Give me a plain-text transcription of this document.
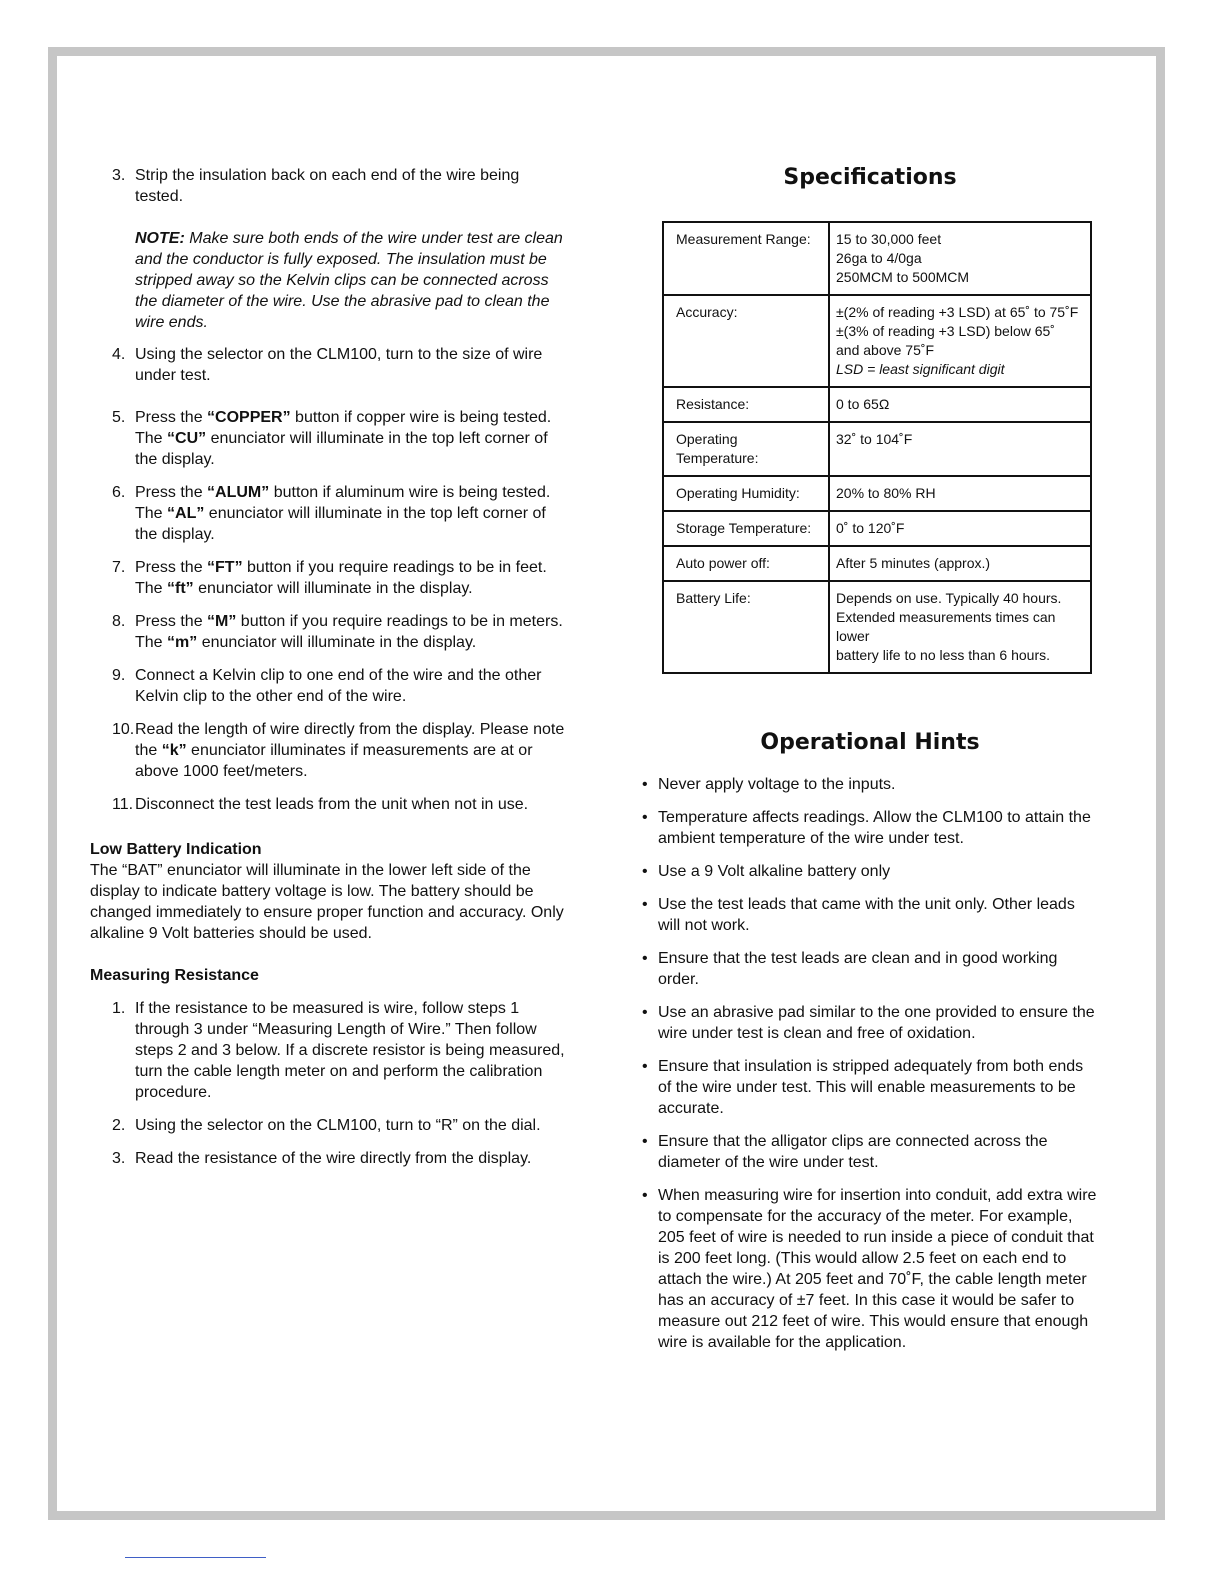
3. Strip the insulation back on each end of the wire being tested.
NOTE: Make sure both ends of the wire under test are clean and the conductor is fully exposed. The insulation must be stripped away so the Kelvin clips can be connected across the diameter of the wire. Use the abrasive pad to clean the wire ends.
4. Using the selector on the CLM100, turn to the size of wire under test.
5. Press the “COPPER” button if copper wire is being tested. The “CU” enunciator will illuminate in the top left corner of the display.
6. Press the “ALUM” button if aluminum wire is being tested. The “AL” enunciator will illuminate in the top left corner of the display.
7. Press the “FT” button if you require readings to be in feet. The “ft” enunciator will illuminate in the display.
8. Press the “M” button if you require readings to be in meters. The “m” enunciator will illuminate in the display.
9. Connect a Kelvin clip to one end of the wire and the other Kelvin clip to the other end of the wire.
10. Read the length of wire directly from the display. Please note the “k” enunciator illuminates if measurements are at or above 1000 feet/meters.
11. Disconnect the test leads from the unit when not in use.
Low Battery Indication
The “BAT” enunciator will illuminate in the lower left side of the display to indicate battery voltage is low. The battery should be changed immediately to ensure proper function and accuracy. Only alkaline 9 Volt batteries should be used.
Measuring Resistance
1. If the resistance to be measured is wire, follow steps 1 through 3 under “Measuring Length of Wire.” Then follow steps 2 and 3 below. If a discrete resistor is being measured, turn the cable length meter on and perform the calibration procedure.
2. Using the selector on the CLM100, turn to “R” on the dial.
3. Read the resistance of the wire directly from the display.
Specifications
Measurement Range:	15 to 30,000 feet
26ga to 4/0ga
250MCM to 500MCM

Accuracy:	±(2% of reading +3 LSD) at 65˚ to 75˚F
±(3% of reading +3 LSD) below 65˚
and above 75˚F
LSD = least significant digit

Resistance:	0 to 65Ω

Operating Temperature:	32˚ to 104˚F

Operating Humidity:	20% to 80% RH

Storage Temperature:	0˚ to 120˚F

Auto power off:	After 5 minutes (approx.)

Battery Life:	Depends on use. Typically 40 hours.
Extended measurements times can lower
battery life to no less than 6 hours.
Operational Hints
• Never apply voltage to the inputs.
• Temperature affects readings. Allow the CLM100 to attain the ambient temperature of the wire under test.
• Use a 9 Volt alkaline battery only
• Use the test leads that came with the unit only. Other leads will not work.
• Ensure that the test leads are clean and in good working order.
• Use an abrasive pad similar to the one provided to ensure the wire under test is clean and free of oxidation.
• Ensure that insulation is stripped adequately from both ends of the wire under test. This will enable measurements to be accurate.
• Ensure that the alligator clips are connected across the diameter of the wire under test.
• When measuring wire for insertion into conduit, add extra wire to compensate for the accuracy of the meter. For example, 205 feet of wire is needed to run inside a piece of conduit that is 200 feet long. (This would allow 2.5 feet on each end to attach the wire.) At 205 feet and 70˚F, the cable length meter has an accuracy of ±7 feet. In this case it would be safer to measure out 212 feet of wire. This would ensure that enough wire is available for the application.
